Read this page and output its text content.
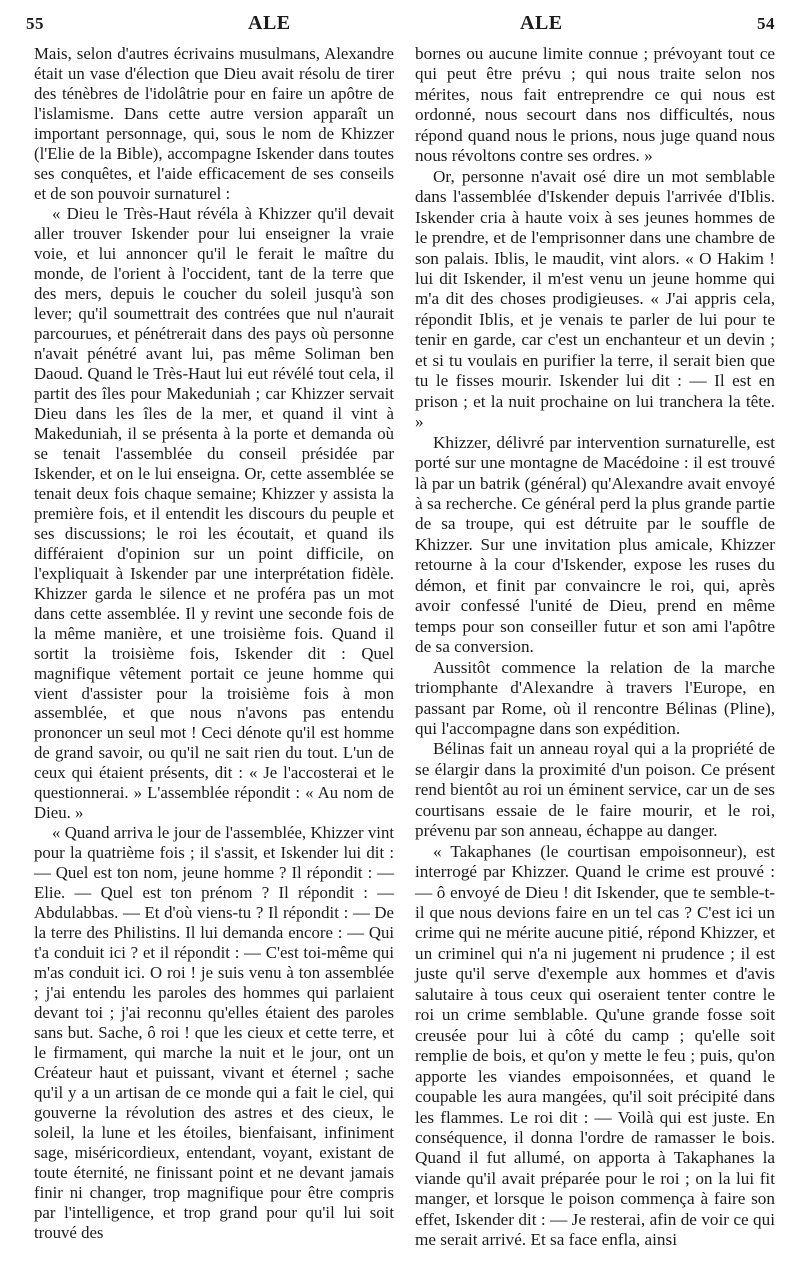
55	ALE	ALE	54

Mais, selon d'autres écrivains musulmans, Alexandre était un vase d'élection que Dieu avait résolu de tirer des ténèbres de l'idolâtrie pour en faire un apôtre de l'islamisme. Dans cette autre version apparaît un important personnage, qui, sous le nom de Khizzer (l'Elie de la Bible), accompagne Iskender dans toutes ses conquêtes, et l'aide efficacement de ses conseils et de son pouvoir surnaturel :

« Dieu le Très-Haut révéla à Khizzer qu'il devait aller trouver Iskender pour lui enseigner la vraie voie, et lui annoncer qu'il le ferait le maître du monde, de l'orient à l'occident, tant de la terre que des mers, depuis le coucher du soleil jusqu'à son lever; qu'il soumettrait des contrées que nul n'aurait parcourues, et pénétrerait dans des pays où personne n'avait pénétré avant lui, pas même Soliman ben Daoud. Quand le Très-Haut lui eut révélé tout cela, il partit des îles pour Makeduniah ; car Khizzer servait Dieu dans les îles de la mer, et quand il vint à Makeduniah, il se présenta à la porte et demanda où se tenait l'assemblée du conseil présidée par Iskender, et on le lui enseigna. Or, cette assemblée se tenait deux fois chaque semaine; Khizzer y assista la première fois, et il entendit les discours du peuple et ses discussions; le roi les écoutait, et quand ils différaient d'opinion sur un point difficile, on l'expliquait à Iskender par une interprétation fidèle. Khizzer garda le silence et ne proféra pas un mot dans cette assemblée. Il y revint une seconde fois de la même manière, et une troisième fois. Quand il sortit la troisième fois, Iskender dit : Quel magnifique vêtement portait ce jeune homme qui vient d'assister pour la troisième fois à mon assemblée, et que nous n'avons pas entendu prononcer un seul mot ! Ceci dénote qu'il est homme de grand savoir, ou qu'il ne sait rien du tout. L'un de ceux qui étaient présents, dit : « Je l'accosterai et le questionnerai. » L'assemblée répondit : « Au nom de Dieu. »

« Quand arriva le jour de l'assemblée, Khizzer vint pour la quatrième fois ; il s'assit, et Iskender lui dit : — Quel est ton nom, jeune homme ? Il répondit : — Elie. — Quel est ton prénom ? Il répondit : — Abdulabbas. — Et d'où viens-tu ? Il répondit : — De la terre des Philistins. Il lui demanda encore : — Qui t'a conduit ici ? et il répondit : — C'est toi-même qui m'as conduit ici. O roi ! je suis venu à ton assemblée ; j'ai entendu les paroles des hommes qui parlaient devant toi ; j'ai reconnu qu'elles étaient des paroles sans but. Sache, ô roi ! que les cieux et cette terre, et le firmament, qui marche la nuit et le jour, ont un Créateur haut et puissant, vivant et éternel ; sache qu'il y a un artisan de ce monde qui a fait le ciel, qui gouverne la révolution des astres et des cieux, le soleil, la lune et les étoiles, bienfaisant, infiniment sage, miséricordieux, entendant, voyant, existant de toute éternité, ne finissant point et ne devant jamais finir ni changer, trop magnifique pour être compris par l'intelligence, et trop grand pour qu'il lui soit trouvé des

bornes ou aucune limite connue ; prévoyant tout ce qui peut être prévu ; qui nous traite selon nos mérites, nous fait entreprendre ce qui nous est ordonné, nous secourt dans nos difficultés, nous répond quand nous le prions, nous juge quand nous nous révoltons contre ses ordres. »

Or, personne n'avait osé dire un mot semblable dans l'assemblée d'Iskender depuis l'arrivée d'Iblis. Iskender cria à haute voix à ses jeunes hommes de le prendre, et de l'emprisonner dans une chambre de son palais. Iblis, le maudit, vint alors. « O Hakim ! lui dit Iskender, il m'est venu un jeune homme qui m'a dit des choses prodigieuses. « J'ai appris cela, répondit Iblis, et je venais te parler de lui pour te tenir en garde, car c'est un enchanteur et un devin ; et si tu voulais en purifier la terre, il serait bien que tu le fisses mourir. Iskender lui dit : — Il est en prison ; et la nuit prochaine on lui tranchera la tête. »

Khizzer, délivré par intervention surnaturelle, est porté sur une montagne de Macédoine : il est trouvé là par un batrik (général) qu'Alexandre avait envoyé à sa recherche. Ce général perd la plus grande partie de sa troupe, qui est détruite par le souffle de Khizzer. Sur une invitation plus amicale, Khizzer retourne à la cour d'Iskender, expose les ruses du démon, et finit par convaincre le roi, qui, après avoir confessé l'unité de Dieu, prend en même temps pour son conseiller futur et son ami l'apôtre de sa conversion.

Aussitôt commence la relation de la marche triomphante d'Alexandre à travers l'Europe, en passant par Rome, où il rencontre Bélinas (Pline), qui l'accompagne dans son expédition.

Bélinas fait un anneau royal qui a la propriété de se élargir dans la proximité d'un poison. Ce présent rend bientôt au roi un éminent service, car un de ses courtisans essaie de le faire mourir, et le roi, prévenu par son anneau, échappe au danger.

« Takaphanes (le courtisan empoisonneur), est interrogé par Khizzer. Quand le crime est prouvé : — ô envoyé de Dieu ! dit Iskender, que te semble-t-il que nous devions faire en un tel cas ? C'est ici un crime qui ne mérite aucune pitié, répond Khizzer, et un criminel qui n'a ni jugement ni prudence ; il est juste qu'il serve d'exemple aux hommes et d'avis salutaire à tous ceux qui oseraient tenter contre le roi un crime semblable. Qu'une grande fosse soit creusée pour lui à côté du camp ; qu'elle soit remplie de bois, et qu'on y mette le feu ; puis, qu'on apporte les viandes empoisonnées, et quand le coupable les aura mangées, qu'il soit précipité dans les flammes. Le roi dit : — Voilà qui est juste. En conséquence, il donna l'ordre de ramasser le bois. Quand il fut allumé, on apporta à Takaphanes la viande qu'il avait préparée pour le roi ; on la lui fit manger, et lorsque le poison commença à faire son effet, Iskender dit : — Je resterai, afin de voir ce qui me serait arrivé. Et sa face enfla, ainsi
